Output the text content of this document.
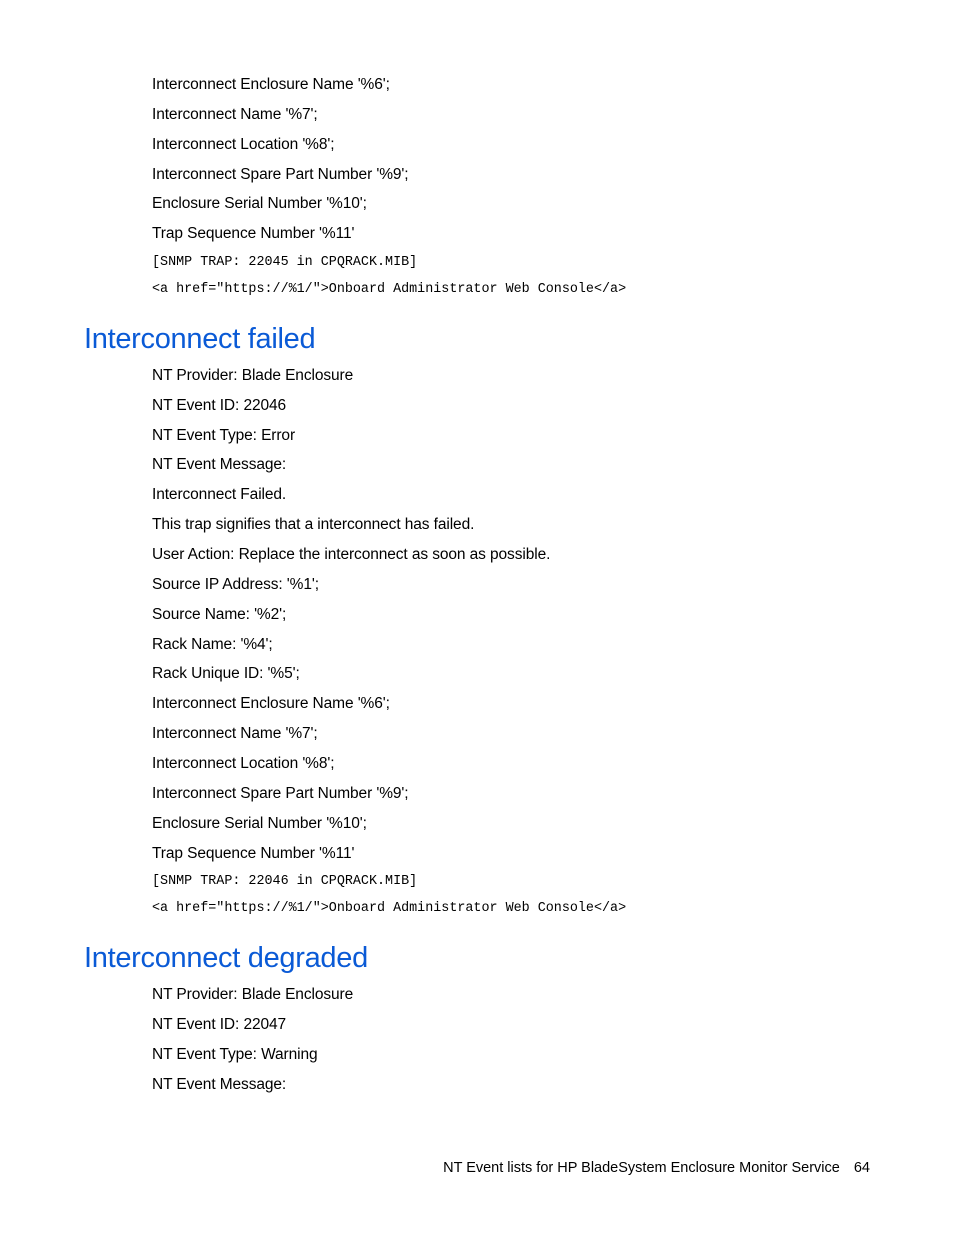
Interconnect Enclosure Name '%6';
Interconnect Name '%7';
Interconnect Location '%8';
Interconnect Spare Part Number '%9';
Enclosure Serial Number '%10';
Trap Sequence Number '%11'
[SNMP TRAP: 22045 in CPQRACK.MIB]
<a href="https://%1/">Onboard Administrator Web Console</a>
Interconnect failed
NT Provider: Blade Enclosure
NT Event ID: 22046
NT Event Type: Error
NT Event Message:
Interconnect Failed.
This trap signifies that a interconnect has failed.
User Action: Replace the interconnect as soon as possible.
Source IP Address: '%1';
Source Name: '%2';
Rack Name: '%4';
Rack Unique ID: '%5';
Interconnect Enclosure Name '%6';
Interconnect Name '%7';
Interconnect Location '%8';
Interconnect Spare Part Number '%9';
Enclosure Serial Number '%10';
Trap Sequence Number '%11'
[SNMP TRAP: 22046 in CPQRACK.MIB]
<a href="https://%1/">Onboard Administrator Web Console</a>
Interconnect degraded
NT Provider: Blade Enclosure
NT Event ID: 22047
NT Event Type: Warning
NT Event Message:
NT Event lists for HP BladeSystem Enclosure Monitor Service 64
